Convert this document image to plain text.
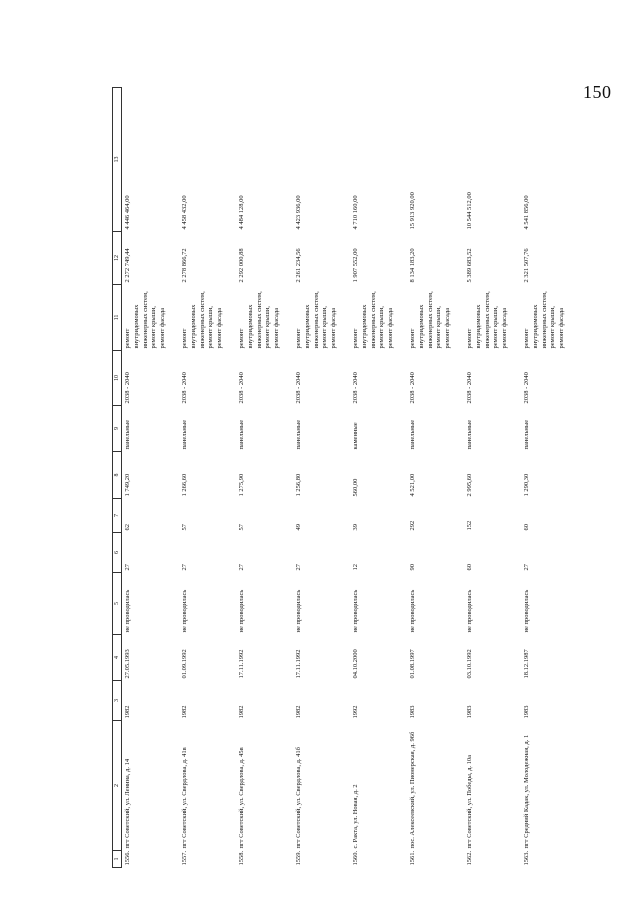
150
1	2	3	4	5	6	7	8	9	10	11	12	13
1556.	пгт Советский, ул. Ленина, д. 14	1982	27.05.1993	не проводилась	27	62	1 749,20	панельные	2038 - 2040	ремонт внутридомовых инженерных систем, ремонт крыши, ремонт фасада	2 272 749,44	4 446 464,00
1557.	пгт Советский, ул. Свердлова, д. 41в	1982	01.09.1992	не проводилась	27	57	1 266,60	панельные	2038 - 2040	ремонт внутридомовых инженерных систем, ремонт крыши, ремонт фасада	2 278 866,72	4 458 432,00
1558.	пгт Советский, ул. Свердлова, д. 45в	1982	17.11.1992	не проводилась	27	57	1 275,90	панельные	2038 - 2040	ремонт внутридомовых инженерных систем, ремонт крыши, ремонт фасада	2 292 000,88	4 484 128,00
1559.	пгт Советский, ул. Свердлова, д. 41б	1982	17.11.1992	не проводилась	27	49	1 256,80	панельные	2038 - 2040	ремонт внутридомовых инженерных систем, ремонт крыши, ремонт фасада	2 261 234,56	4 423 936,00
1560.	с. Ракта, ул. Новая, д. 2	1992	04.10.2000	не проводилась	12	39	560,00	каменные	2038 - 2040	ремонт внутридомовых инженерных систем, ремонт крыши, ремонт фасада	1 907 552,00	4 710 160,00
1561.	пос. Алексеевский, ул. Пионерская, д. 96б	1983	01.08.1997	не проводилась	90	292	4 521,00	панельные	2038 - 2040	ремонт внутридомовых инженерных систем, ремонт крыши, ремонт фасада	8 134 183,20	15 913 920,00
1562.	пгт Советский, ул. Победы, д. 10а	1983	03.10.1992	не проводилась	60	152	2 995,60	панельные	2038 - 2040	ремонт внутридомовых инженерных систем, ремонт крыши, ремонт фасада	5 389 683,52	10 544 512,00
1563.	пгт Средний Кадак, ул. Молодежная, д. 1	1983	18.12.1987	не проводилась	27	60	1 290,30	панельные	2038 - 2040	ремонт внутридомовых инженерных систем, ремонт крыши, ремонт фасада	2 321 507,76	4 541 856,00
